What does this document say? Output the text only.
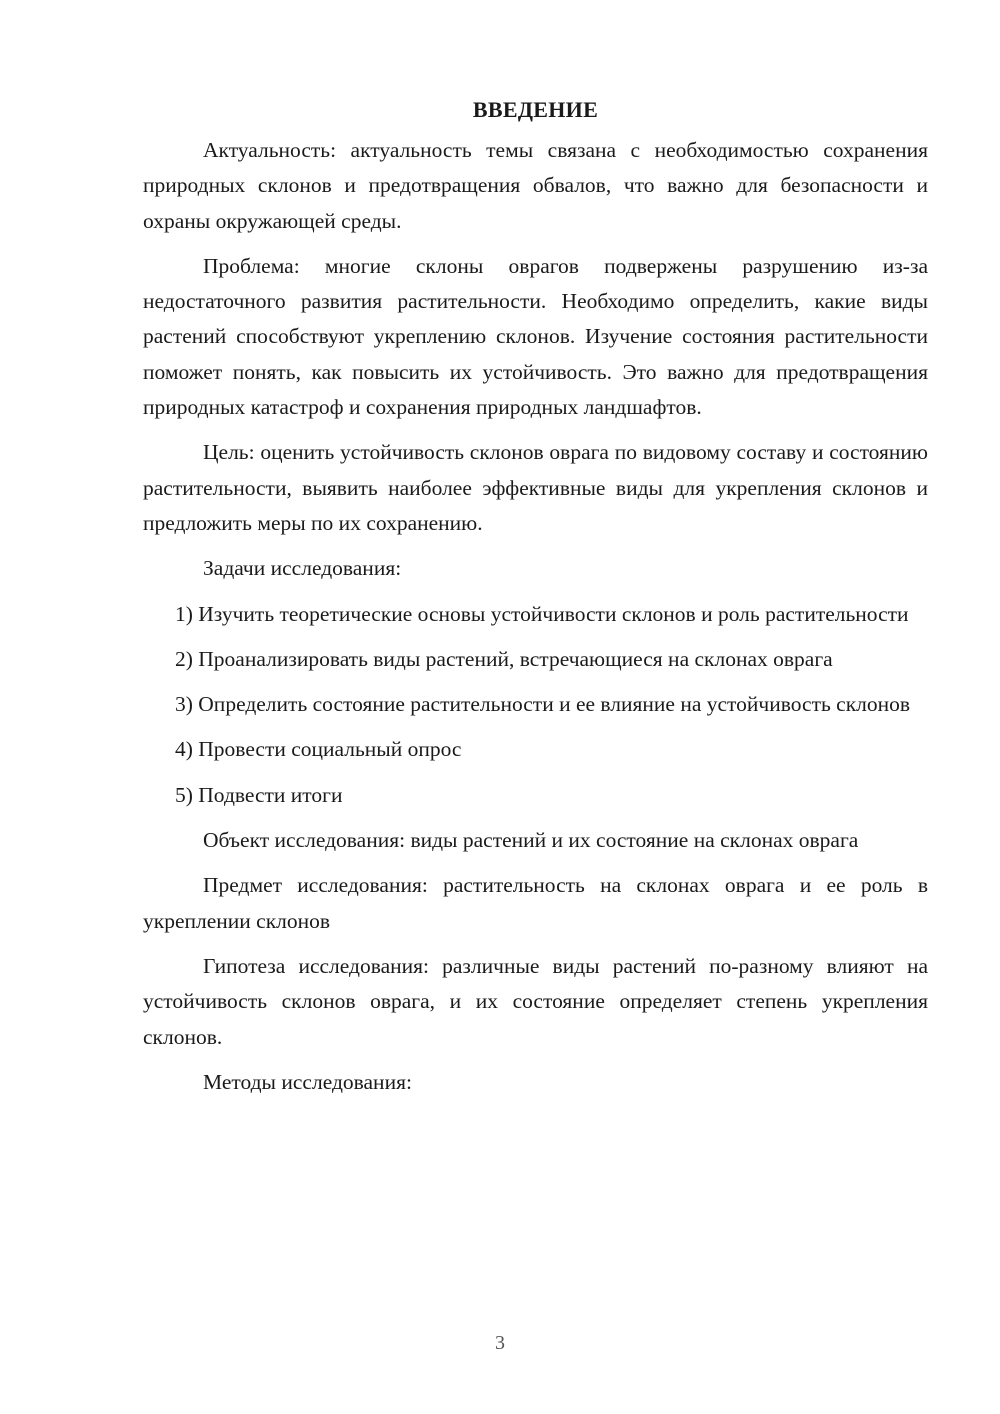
ВВЕДЕНИЕ

Актуальность: актуальность темы связана с необходимостью сохранения природных склонов и предотвращения обвалов, что важно для безопасности и охраны окружающей среды.

Проблема: многие склоны оврагов подвержены разрушению из-за недостаточного развития растительности. Необходимо определить, какие виды растений способствуют укреплению склонов. Изучение состояния растительности поможет понять, как повысить их устойчивость. Это важно для предотвращения природных катастроф и сохранения природных ландшафтов.

Цель: оценить устойчивость склонов оврага по видовому составу и состоянию растительности, выявить наиболее эффективные виды для укрепления склонов и предложить меры по их сохранению.

Задачи исследования:

1) Изучить теоретические основы устойчивости склонов и роль растительности

2) Проанализировать виды растений, встречающиеся на склонах оврага

3) Определить состояние растительности и ее влияние на устойчивость склонов

4) Провести социальный опрос

5) Подвести итоги

Объект исследования: виды растений и их состояние на склонах оврага

Предмет исследования: растительность на склонах оврага и ее роль в укреплении склонов

Гипотеза исследования: различные виды растений по-разному влияют на устойчивость склонов оврага, и их состояние определяет степень укрепления склонов.

Методы исследования:

3
